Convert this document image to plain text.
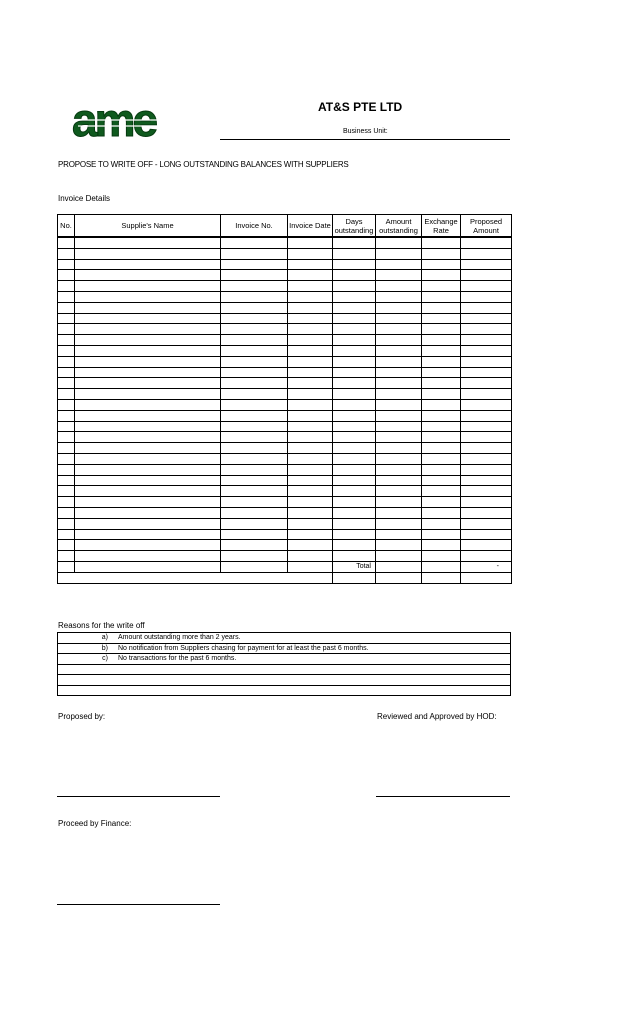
ame	AT&S PTE LTD
Business Unit:
PROPOSE TO WRITE OFF - LONG OUTSTANDING BALANCES WITH SUPPLIERS
Invoice Details
No.	Supplie's Name	Invoice No.	Invoice Date	Days outstanding	Amount outstanding	Exchange Rate	Proposed Amount

				Total			-

Reasons for the write off
a) Amount outstanding more than 2 years.
b) No notification from Suppliers chasing for payment for at least the past 6 months.
c) No transactions for the past 6 months.

Proposed by:	Reviewed and Approved by HOD:
Proceed by Finance:
